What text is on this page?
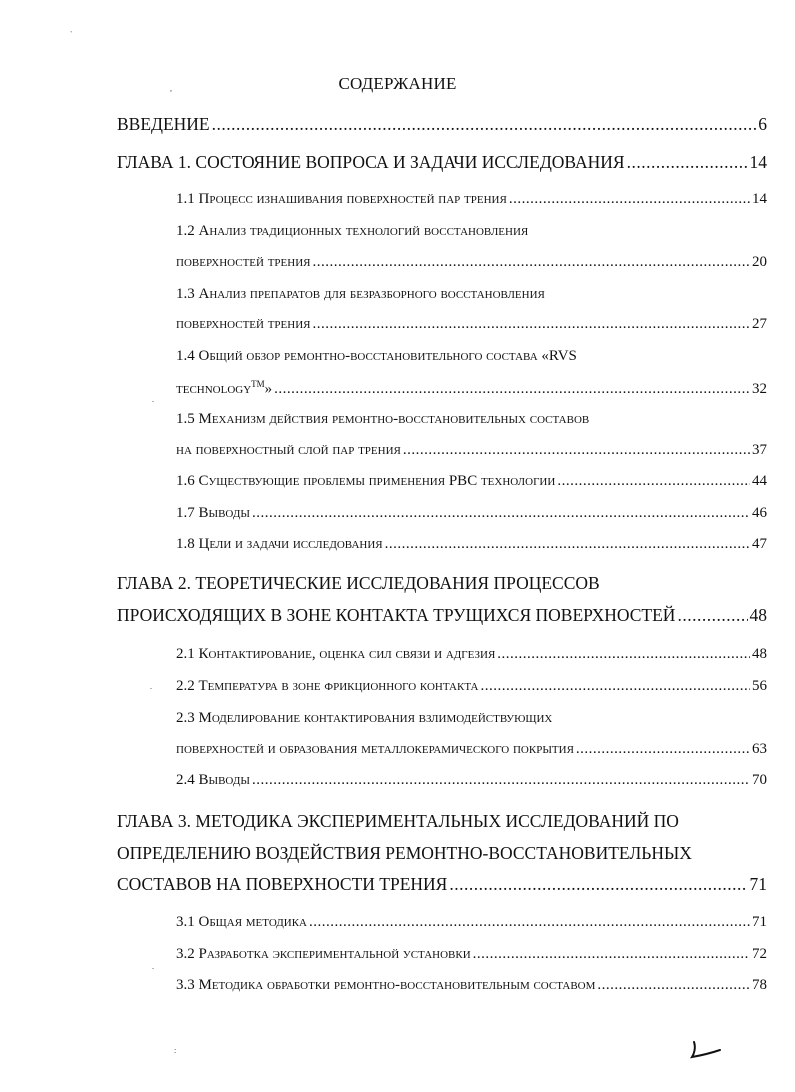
СОДЕРЖАНИЕ
ВВЕДЕНИЕ .....	6
ГЛАВА 1. СОСТОЯНИЕ ВОПРОСА И ЗАДАЧИ ИССЛЕДОВАНИЯ .....	14
1.1 Процесс изнашивания поверхностей пар трения .....	14
1.2 Анализ традиционных технологий восстановления
поверхностей трения .....	20
1.3 Анализ препаратов для безразборного восстановления
поверхностей трения .....	27
1.4 Общий обзор ремонтно-восстановительного состава «RVS
technology™» .....	32
1.5 Механизм действия ремонтно-восстановительных составов
на поверхностный слой пар трения .....	37
1.6 Существующие проблемы применения РВС технологии .....	44
1.7 Выводы .....	46
1.8 Цели и задачи исследования .....	47
ГЛАВА 2. ТЕОРЕТИЧЕСКИЕ ИССЛЕДОВАНИЯ ПРОЦЕССОВ
ПРОИСХОДЯЩИХ В ЗОНЕ КОНТАКТА ТРУЩИХСЯ ПОВЕРХНОСТЕЙ .....	48
2.1 Контактирование, оценка сил связи и адгезия .....	48
2.2 Температура в зоне фрикционного контакта .....	56
2.3 Моделирование контактирования взлимодействующих
поверхностей и образования металлокерамического покрытия .....	63
2.4 Выводы .....	70
ГЛАВА 3. МЕТОДИКА ЭКСПЕРИМЕНТАЛЬНЫХ ИССЛЕДОВАНИЙ ПО
ОПРЕДЕЛЕНИЮ ВОЗДЕЙСТВИЯ РЕМОНТНО-ВОССТАНОВИТЕЛЬНЫХ
СОСТАВОВ НА ПОВЕРХНОСТИ ТРЕНИЯ .....	71
3.1 Общая методика .....	71
3.2 Разработка экспериментальной установки .....	72
3.3 Методика обработки ремонтно-восстановительным составом .....	78
`
,
.
.
.
:
